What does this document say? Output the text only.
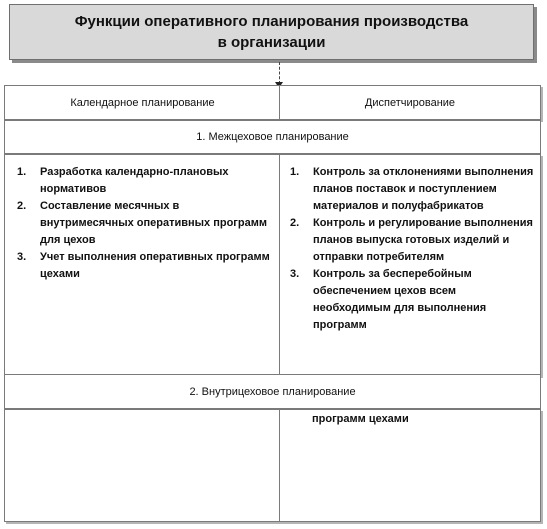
Функции оперативного планирования производства в организации
Календарное планирование	Диспетчирование
1. Межцеховое планирование
1.	Разработка календарно-плановых нормативов
2.	Составление месячных в внутримесячных оперативных программ для цехов
3.	Учет выполнения оперативных программ цехами
1.	Контроль за отклонениями выполнения планов поставок и поступлением материалов и полуфабрикатов
2.	Контроль и регулирование выполнения планов выпуска готовых изделий и отправки потребителям
3.	Контроль за бесперебойным обеспечением цехов всем необходимым для выполнения программ
2. Внутрицеховое планирование
программ цехами
